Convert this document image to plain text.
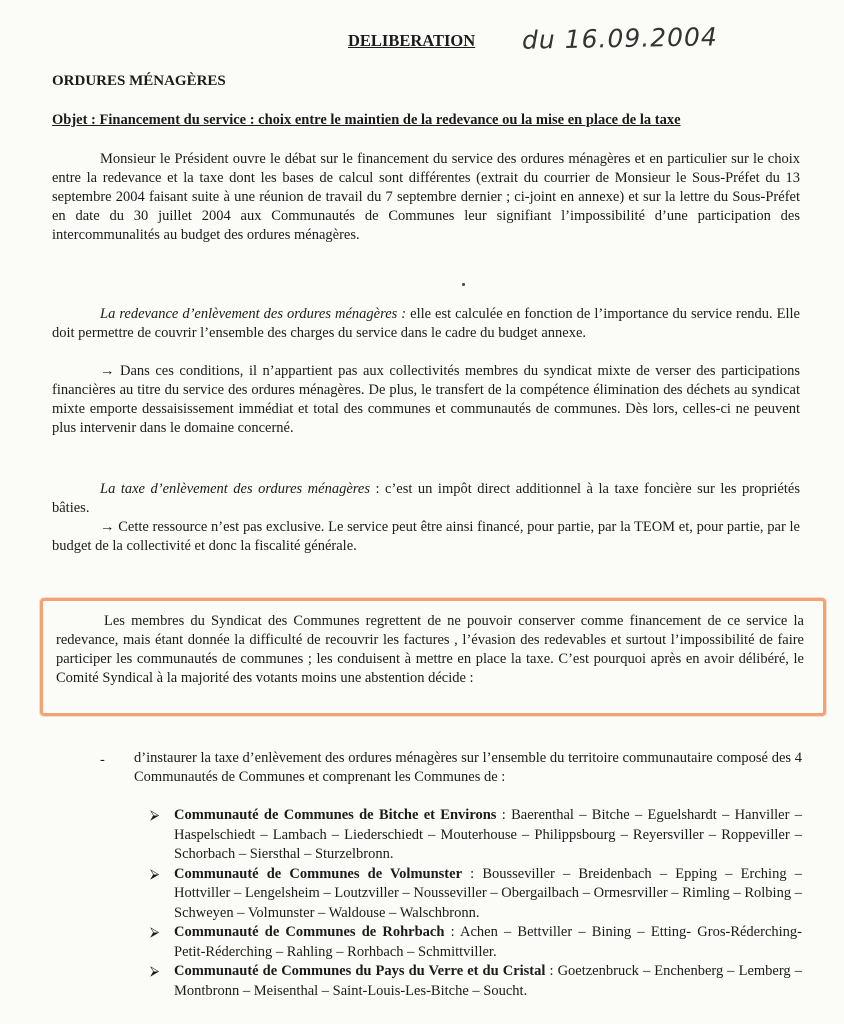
DELIBERATION du 16.09.2004
ORDURES MÉNAGÈRES
Objet : Financement du service : choix entre le maintien de la redevance ou la mise en place de la taxe
Monsieur le Président ouvre le débat sur le financement du service des ordures ménagères et en particulier sur le choix entre la redevance et la taxe dont les bases de calcul sont différentes (extrait du courrier de Monsieur le Sous-Préfet du 13 septembre 2004 faisant suite à une réunion de travail du 7 septembre dernier ; ci-joint en annexe) et sur la lettre du Sous-Préfet en date du 30 juillet 2004 aux Communautés de Communes leur signifiant l’impossibilité d’une participation des intercommunalités au budget des ordures ménagères.
La redevance d’enlèvement des ordures ménagères : elle est calculée en fonction de l’importance du service rendu. Elle doit permettre de couvrir l’ensemble des charges du service dans le cadre du budget annexe.
→ Dans ces conditions, il n’appartient pas aux collectivités membres du syndicat mixte de verser des participations financières au titre du service des ordures ménagères. De plus, le transfert de la compétence élimination des déchets au syndicat mixte emporte dessaisissement immédiat et total des communes et communautés de communes. Dès lors, celles-ci ne peuvent plus intervenir dans le domaine concerné.
La taxe d’enlèvement des ordures ménagères : c’est un impôt direct additionnel à la taxe foncière sur les propriétés bâties.
→ Cette ressource n’est pas exclusive. Le service peut être ainsi financé, pour partie, par la TEOM et, pour partie, par le budget de la collectivité et donc la fiscalité générale.
Les membres du Syndicat des Communes regrettent de ne pouvoir conserver comme financement de ce service la redevance, mais étant donnée la difficulté de recouvrir les factures , l’évasion des redevables et surtout l’impossibilité de faire participer les communautés de communes ; les conduisent à mettre en place la taxe. C’est pourquoi après en avoir délibéré, le Comité Syndical à la majorité des votants moins une abstention décide :
- d’instaurer la taxe d’enlèvement des ordures ménagères sur l’ensemble du territoire communautaire composé des 4 Communautés de Communes et comprenant les Communes de :
⮚ Communauté de Communes de Bitche et Environs : Baerenthal – Bitche – Eguelshardt – Hanviller – Haspelschiedt – Lambach – Liederschiedt – Mouterhouse – Philippsbourg – Reyersviller – Roppeviller – Schorbach – Siersthal – Sturzelbronn.
⮚ Communauté de Communes de Volmunster : Bousseviller – Breidenbach – Epping – Erching – Hottviller – Lengelsheim – Loutzviller – Nousseviller – Obergailbach – Ormesrviller – Rimling – Rolbing – Schweyen – Volmunster – Waldouse – Walschbronn.
⮚ Communauté de Communes de Rohrbach : Achen – Bettviller – Bining – Etting- Gros-Réderching- Petit-Réderching – Rahling – Rorhbach – Schmittviller.
⮚ Communauté de Communes du Pays du Verre et du Cristal : Goetzenbruck – Enchenberg – Lemberg – Montbronn – Meisenthal – Saint-Louis-Les-Bitche – Soucht.
